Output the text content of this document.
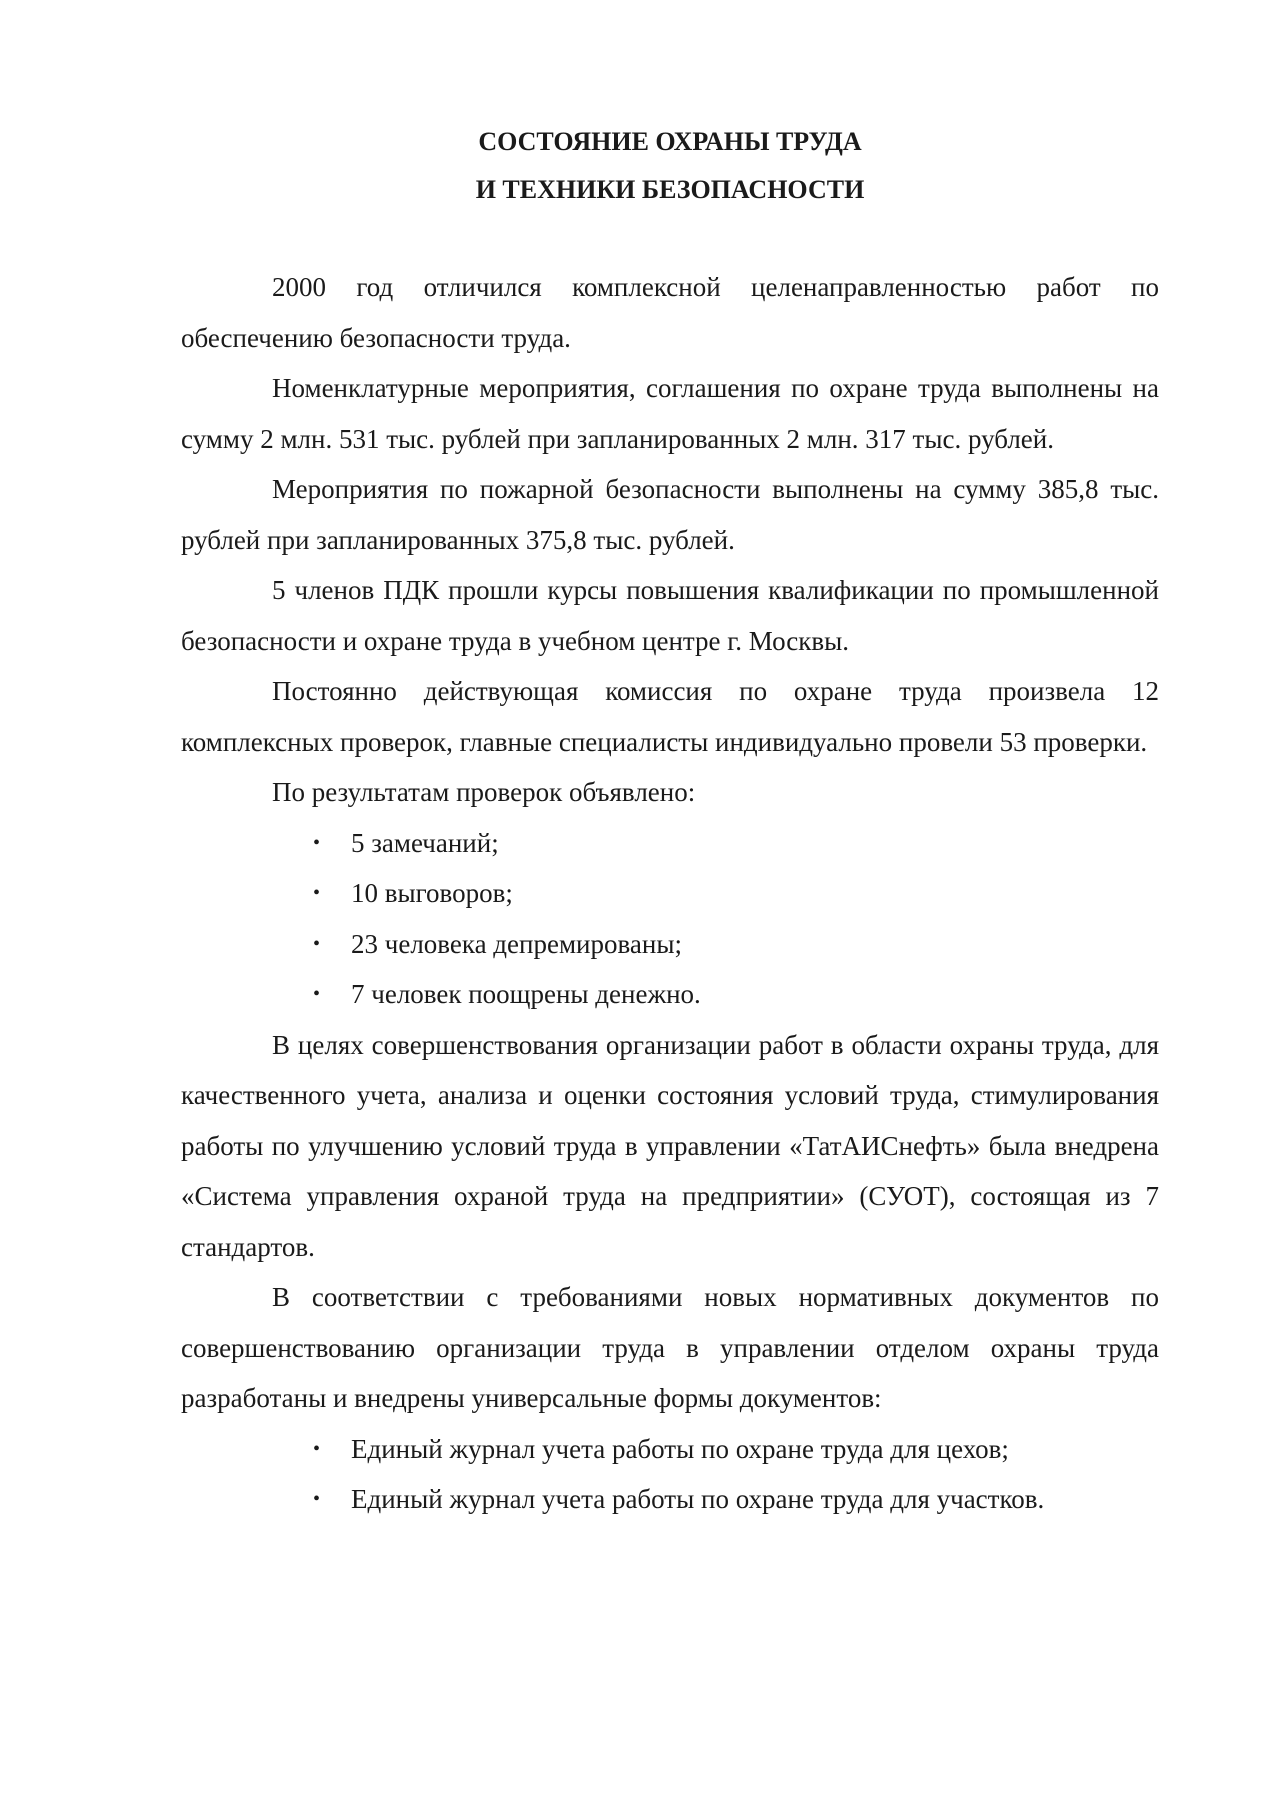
СОСТОЯНИЕ ОХРАНЫ ТРУДА
И ТЕХНИКИ БЕЗОПАСНОСТИ

2000 год отличился комплексной целенаправленностью работ по обеспечению безопасности труда.

Номенклатурные мероприятия, соглашения по охране труда выполнены на сумму 2 млн. 531 тыс. рублей при запланированных 2 млн. 317 тыс. рублей.

Мероприятия по пожарной безопасности выполнены на сумму 385,8 тыс. рублей при запланированных 375,8 тыс. рублей.

5 членов ПДК прошли курсы повышения квалификации по промышленной безопасности и охране труда в учебном центре г. Москвы.

Постоянно действующая комиссия по охране труда произвела 12 комплексных проверок, главные специалисты индивидуально провели 53 проверки.

По результатам проверок объявлено:

• 5 замечаний;
• 10 выговоров;
• 23 человека депремированы;
• 7 человек поощрены денежно.

В целях совершенствования организации работ в области охраны труда, для качественного учета, анализа и оценки состояния условий труда, стимулирования работы по улучшению условий труда в управлении «ТатАИСнефть» была внедрена «Система управления охраной труда на предприятии» (СУОТ), состоящая из 7 стандартов.

В соответствии с требованиями новых нормативных документов по совершенствованию организации труда в управлении отделом охраны труда разработаны и внедрены универсальные формы документов:

• Единый журнал учета работы по охране труда для цехов;
• Единый журнал учета работы по охране труда для участков.
